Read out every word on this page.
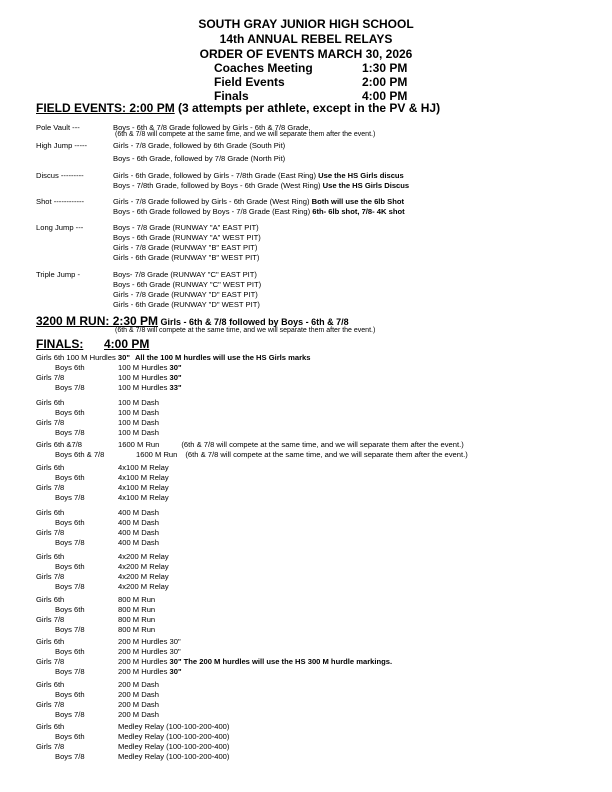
SOUTH GRAY JUNIOR HIGH SCHOOL
14th ANNUAL REBEL RELAYS
ORDER OF EVENTS MARCH 30, 2026
Coaches Meeting	1:30 PM
Field Events	2:00 PM
Finals	4:00 PM
FIELD EVENTS: 2:00 PM (3 attempts per athlete, except in the PV & HJ)
Pole Vault ---	Boys - 6th & 7/8 Grade followed by Girls - 6th & 7/8 Grade,
(6th & 7/8 will compete at the same time, and we will separate them after the event.)
High Jump -----	Girls - 7/8 Grade, followed by 6th Grade (South Pit)
Boys - 6th Grade, followed by 7/8 Grade (North Pit)
Discus ---------	Girls - 6th Grade, followed by Girls - 7/8th Grade (East Ring) Use the HS Girls discus
Boys - 7/8th Grade, followed by Boys - 6th Grade (West Ring) Use the HS Girls Discus
Shot ------------	Girls - 7/8 Grade followed by Girls - 6th Grade (West Ring) Both will use the 6lb Shot
Boys - 6th Grade followed by Boys - 7/8 Grade (East Ring) 6th- 6lb shot, 7/8- 4K shot
Long Jump ---	Boys - 7/8 Grade (RUNWAY "A" EAST PIT)
Boys - 6th Grade (RUNWAY "A" WEST PIT)
Girls - 7/8 Grade (RUNWAY "B" EAST PIT)
Girls - 6th Grade (RUNWAY "B" WEST PIT)
Triple Jump -	Boys- 7/8 Grade (RUNWAY "C" EAST PIT)
Boys - 6th Grade (RUNWAY "C" WEST PIT)
Girls - 7/8 Grade (RUNWAY "D" EAST PIT)
Girls - 6th Grade (RUNWAY "D" WEST PIT)
3200 M RUN: 2:30 PM Girls - 6th & 7/8 followed by Boys - 6th & 7/8
(6th & 7/8 will compete at the same time, and we will separate them after the event.)
FINALS: 4:00 PM
Girls 6th 100 M Hurdles 30" All the 100 M hurdles will use the HS Girls marks
Boys 6th	100 M Hurdles 30"
Girls 7/8	100 M Hurdles 30"
Boys 7/8	100 M Hurdles 33"
Girls 6th	100 M Dash
Boys 6th	100 M Dash
Girls 7/8	100 M Dash
Boys 7/8	100 M Dash
Girls 6th &7/8	1600 M Run	(6th & 7/8 will compete at the same time, and we will separate them after the event.)
Boys 6th & 7/8	1600 M Run (6th & 7/8 will compete at the same time, and we will separate them after the event.)
Girls 6th	4x100 M Relay
Boys 6th	4x100 M Relay
Girls 7/8	4x100 M Relay
Boys 7/8	4x100 M Relay
Girls 6th	400 M Dash
Boys 6th	400 M Dash
Girls 7/8	400 M Dash
Boys 7/8	400 M Dash
Girls 6th	4x200 M Relay
Boys 6th	4x200 M Relay
Girls 7/8	4x200 M Relay
Boys 7/8	4x200 M Relay
Girls 6th	800 M Run
Boys 6th	800 M Run
Girls 7/8	800 M Run
Boys 7/8	800 M Run
Girls 6th	200 M Hurdles 30"
Boys 6th	200 M Hurdles 30"
Girls 7/8	200 M Hurdles 30" The 200 M hurdles will use the HS 300 M hurdle markings.
Boys 7/8	200 M Hurdles 30"
Girls 6th	200 M Dash
Boys 6th	200 M Dash
Girls 7/8	200 M Dash
Boys 7/8	200 M Dash
Girls 6th	Medley Relay (100-100-200-400)
Boys 6th	Medley Relay (100-100-200-400)
Girls 7/8	Medley Relay (100-100-200-400)
Boys 7/8	Medley Relay (100-100-200-400)
